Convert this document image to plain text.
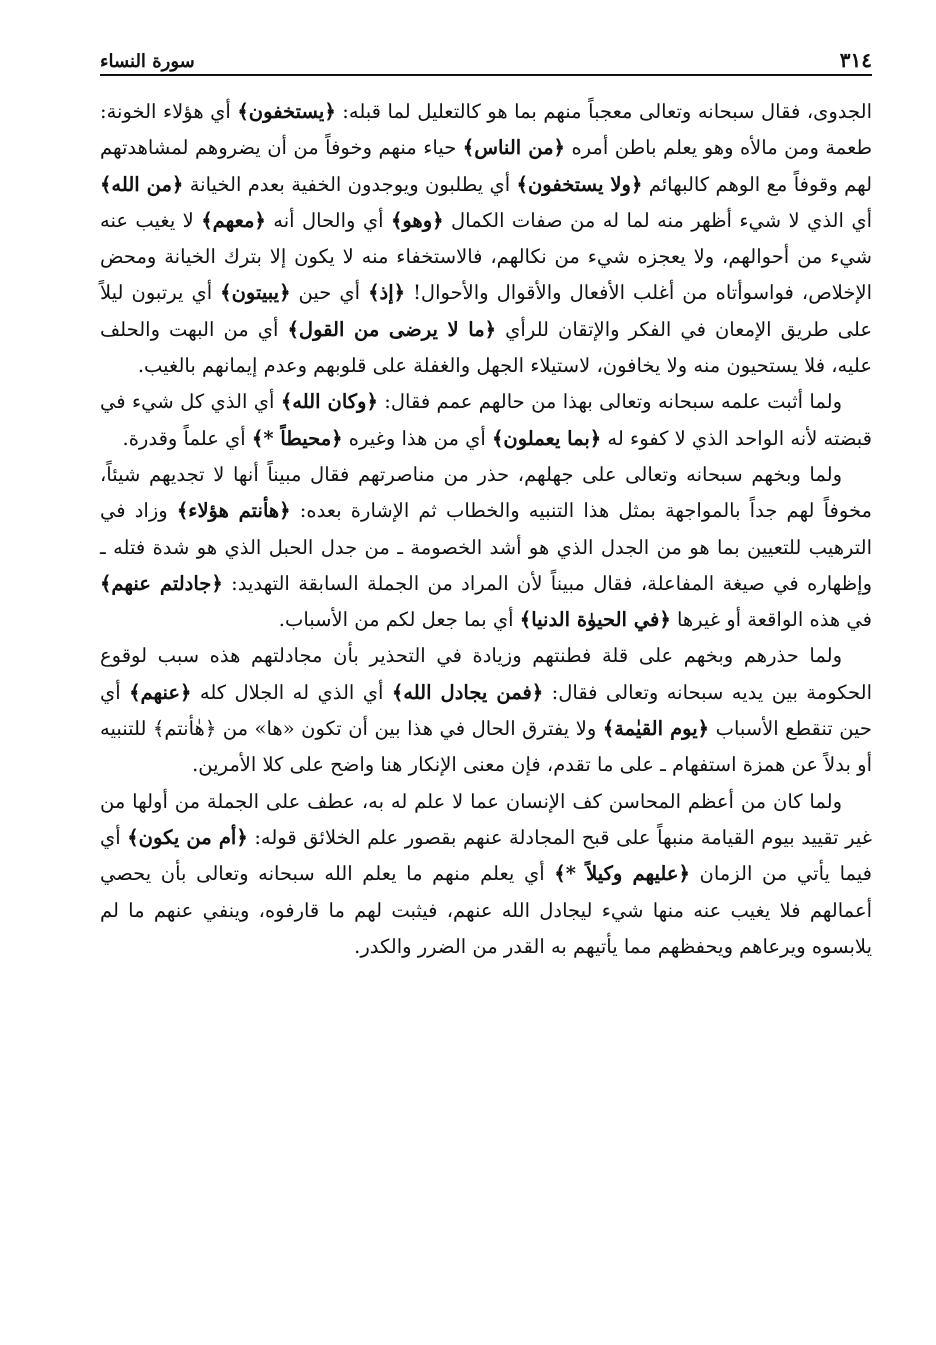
٣١٤
سورة النساء

الجدوى، فقال سبحانه وتعالى معجباً منهم بما هو كالتعليل لما قبله: ﴿يستخفون﴾ أي هؤلاء الخونة: طعمة ومن مالأه وهو يعلم باطن أمره ﴿من الناس﴾ حياء منهم وخوفاً من أن يضروهم لمشاهدتهم لهم وقوفاً مع الوهم كالبهائم ﴿ولا يستخفون﴾ أي يطلبون ويوجدون الخفية بعدم الخيانة ﴿من الله﴾ أي الذي لا شيء أظهر منه لما له من صفات الكمال ﴿وهو﴾ أي والحال أنه ﴿معهم﴾ لا يغيب عنه شيء من أحوالهم، ولا يعجزه شيء من نكالهم، فالاستخفاء منه لا يكون إلا بترك الخيانة ومحض الإخلاص، فواسوأتاه من أغلب الأفعال والأقوال والأحوال! ﴿إذ﴾ أي حين ﴿يبيتون﴾ أي يرتبون ليلاً على طريق الإمعان في الفكر والإتقان للرأي ﴿ما لا يرضى من القول﴾ أي من البهت والحلف عليه، فلا يستحيون منه ولا يخافون، لاستيلاء الجهل والغفلة على قلوبهم وعدم إيمانهم بالغيب.

ولما أثبت علمه سبحانه وتعالى بهذا من حالهم عمم فقال: ﴿وكان الله﴾ أي الذي كل شيء في قبضته لأنه الواحد الذي لا كفوء له ﴿بما يعملون﴾ أي من هذا وغيره ﴿محيطاً *﴾ أي علماً وقدرة.

ولما وبخهم سبحانه وتعالى على جهلهم، حذر من مناصرتهم فقال مبيناً أنها لا تجديهم شيئاً، مخوفاً لهم جداً بالمواجهة بمثل هذا التنبيه والخطاب ثم الإشارة بعده: ﴿هأنتم هؤلاء﴾ وزاد في الترهيب للتعيين بما هو من الجدل الذي هو أشد الخصومة ـ من جدل الحبل الذي هو شدة فتله ـ وإظهاره في صيغة المفاعلة، فقال مبيناً لأن المراد من الجملة السابقة التهديد: ﴿جادلتم عنهم﴾ في هذه الواقعة أو غيرها ﴿في الحيوٰة الدنيا﴾ أي بما جعل لكم من الأسباب.

ولما حذرهم وبخهم على قلة فطنتهم وزيادة في التحذير بأن مجادلتهم هذه سبب لوقوع الحكومة بين يديه سبحانه وتعالى فقال: ﴿فمن يجادل الله﴾ أي الذي له الجلال كله ﴿عنهم﴾ أي حين تنقطع الأسباب ﴿يوم القيٰمة﴾ ولا يفترق الحال في هذا بين أن تكون «ها» من ﴿هٰأنتم﴾ للتنبيه أو بدلاً عن همزة استفهام ـ على ما تقدم، فإن معنى الإنكار هنا واضح على كلا الأمرين.

ولما كان من أعظم المحاسن كف الإنسان عما لا علم له به، عطف على الجملة من أولها من غير تقييد بيوم القيامة منبهاً على قبح المجادلة عنهم بقصور علم الخلائق قوله: ﴿أم من يكون﴾ أي فيما يأتي من الزمان ﴿عليهم وكيلاً *﴾ أي يعلم منهم ما يعلم الله سبحانه وتعالى بأن يحصي أعمالهم فلا يغيب عنه منها شيء ليجادل الله عنهم، فيثبت لهم ما قارفوه، وينفي عنهم ما لم يلابسوه ويرعاهم ويحفظهم مما يأتيهم به القدر من الضرر والكدر.
